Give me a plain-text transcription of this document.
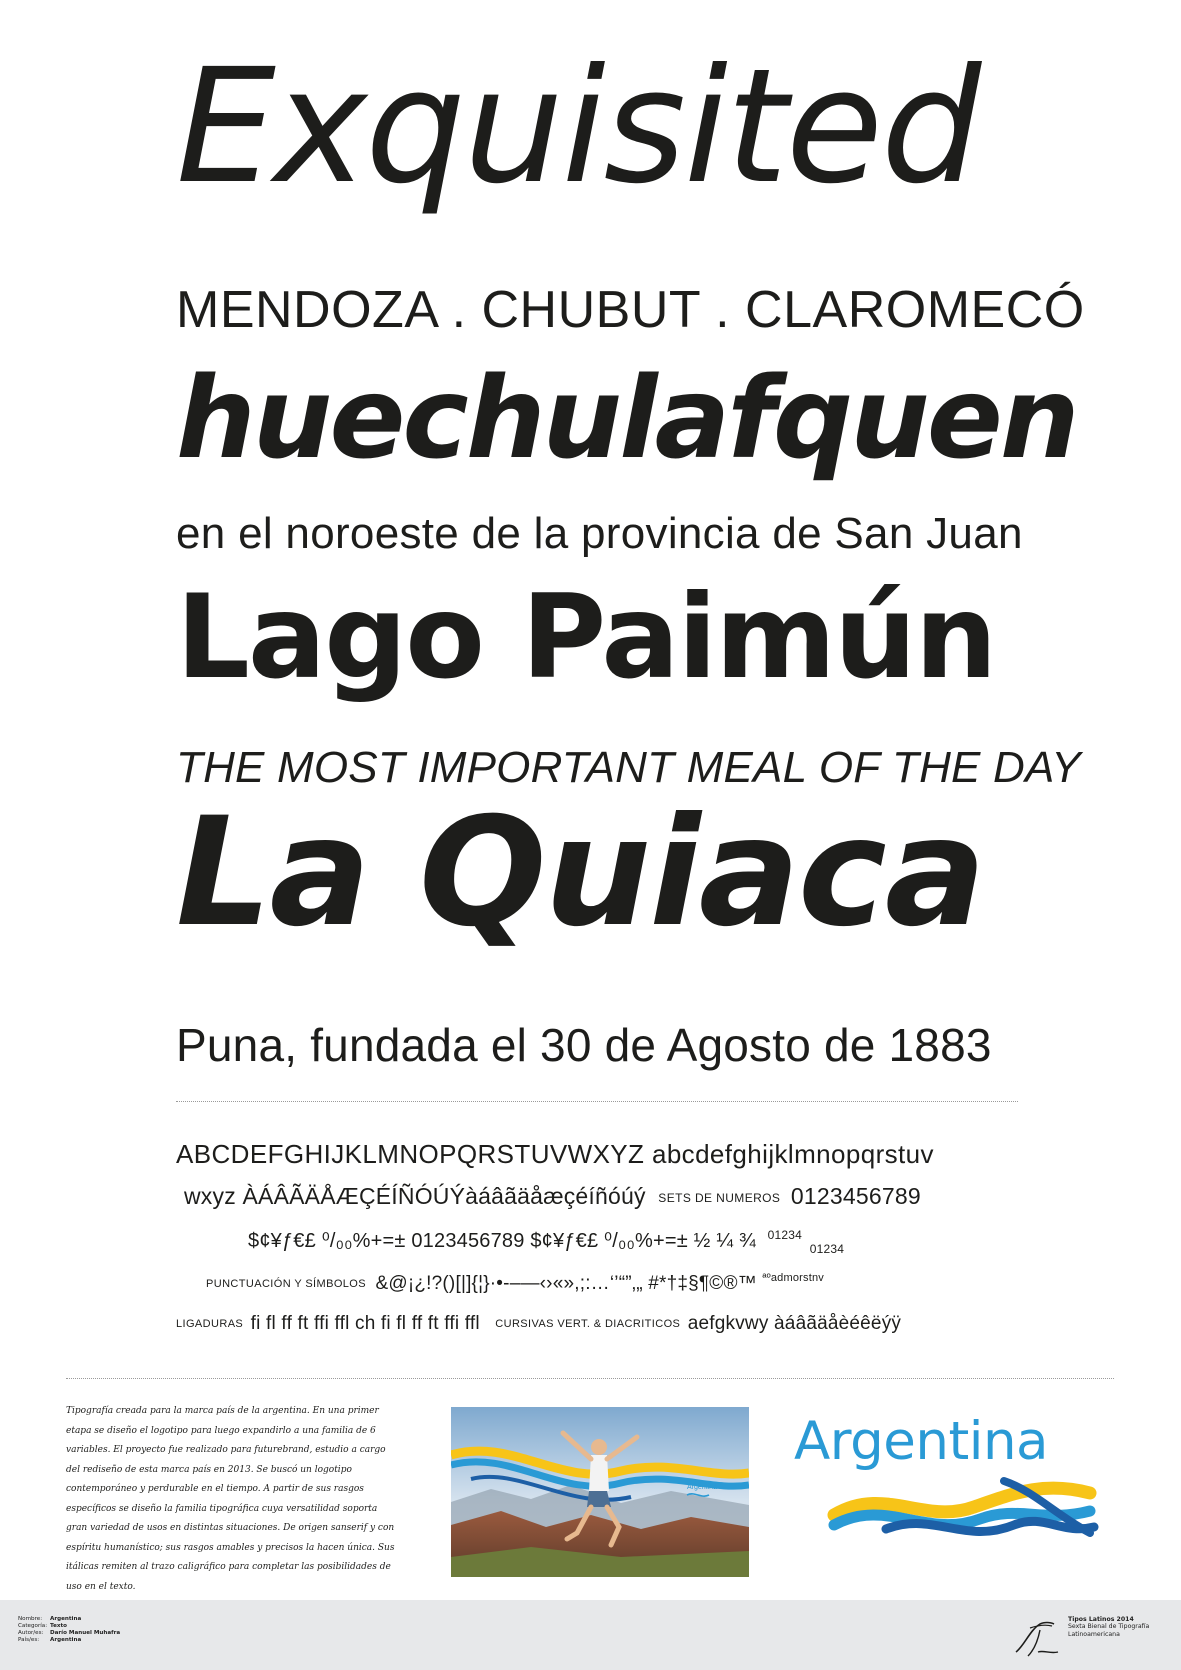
Exquisited
MENDOZA . CHUBUT . CLAROMECÓ
huechulafquen
en el noroeste de la provincia de San Juan
Lago Paimún
THE MOST IMPORTANT MEAL OF THE DAY
La Quiaca
Puna, fundada el 30 de Agosto de 1883
ABCDEFGHIJKLMNOPQRSTUVWXYZ abcdefghijklmnopqrstuv
wxyz ÀÁÂÃÄÅÆÇÉÍÑÓÚÝàáâãäåæçéíñóúý SETS DE NUMEROS 0123456789
$¢¥ƒ€£ ⁰/₀₀%+=± 0123456789 $¢¥ƒ€£ ⁰/₀₀%+=± ½ ¼ ¾ $^{01234}$ $_{01234}$
PUNCTUACIÓN Y SÍMBOLOS &@¡¿!?()[|]{¦}·•-–—‹›«»,;:…‘’“”‚„ #*†‡§¶©®™ $^{ªºadmorstnv}$
LIGADURAS fi fl ff ft ffi ffl ch fi fl ff ft ffi ffl CURSIVAS VERT. & DIACRITICOS aefgkvwy àáâãäåèéêëýÿ
Tipografía creada para la marca país de la argentina. En una primer etapa se diseño el logotipo para luego expandirlo a una familia de 6 variables. El proyecto fue realizado para futurebrand, estudio a cargo del rediseño de esta marca país en 2013. Se buscó un logotipo contemporáneo y perdurable en el tiempo. A partir de sus rasgos específicos se diseño la familia tipográfica cuya versatilidad soporta gran variedad de usos en distintas situaciones. De origen sanserif y con espíritu humanístico; sus rasgos amables y precisos la hacen única. Sus itálicas remiten al trazo caligráfico para completar las posibilidades de uso en el texto.
Argentina
Argentina
Nombre: Argentina
Categoría: Texto
Autor/es: Darío Manuel Muhafra
País/es: Argentina
Tipos Latinos 2014
Sexta Bienal de Tipografía
Latinoamericana
